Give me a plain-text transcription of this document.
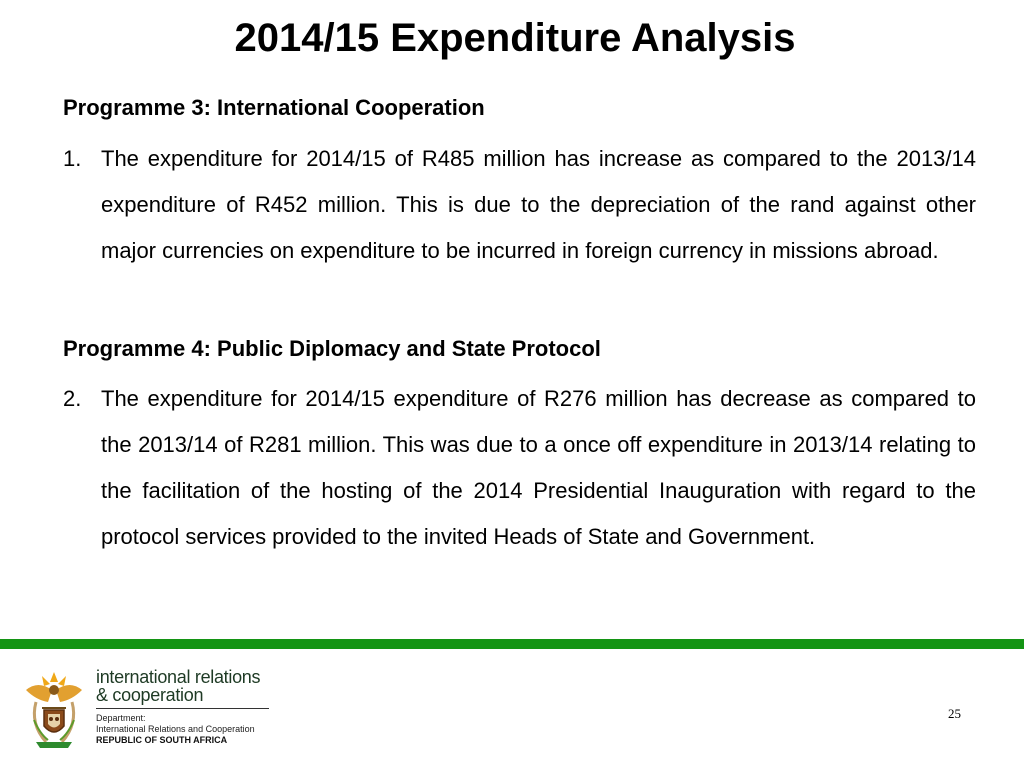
2014/15 Expenditure Analysis
Programme 3: International Cooperation
1. The expenditure for 2014/15 of R485 million has increase as compared to the 2013/14 expenditure of R452 million. This is due to the depreciation of the rand against other major currencies on expenditure to be incurred in foreign currency in missions abroad.
Programme 4: Public Diplomacy and State Protocol
2. The expenditure for 2014/15 expenditure of R276 million has decrease as compared to the 2013/14 of R281 million. This was due to a once off expenditure in 2013/14 relating to the facilitation of the hosting of the 2014 Presidential Inauguration with regard to the protocol services provided to the invited Heads of State and Government.
international relations
& cooperation
Department:
International Relations and Cooperation
REPUBLIC OF SOUTH AFRICA
25
